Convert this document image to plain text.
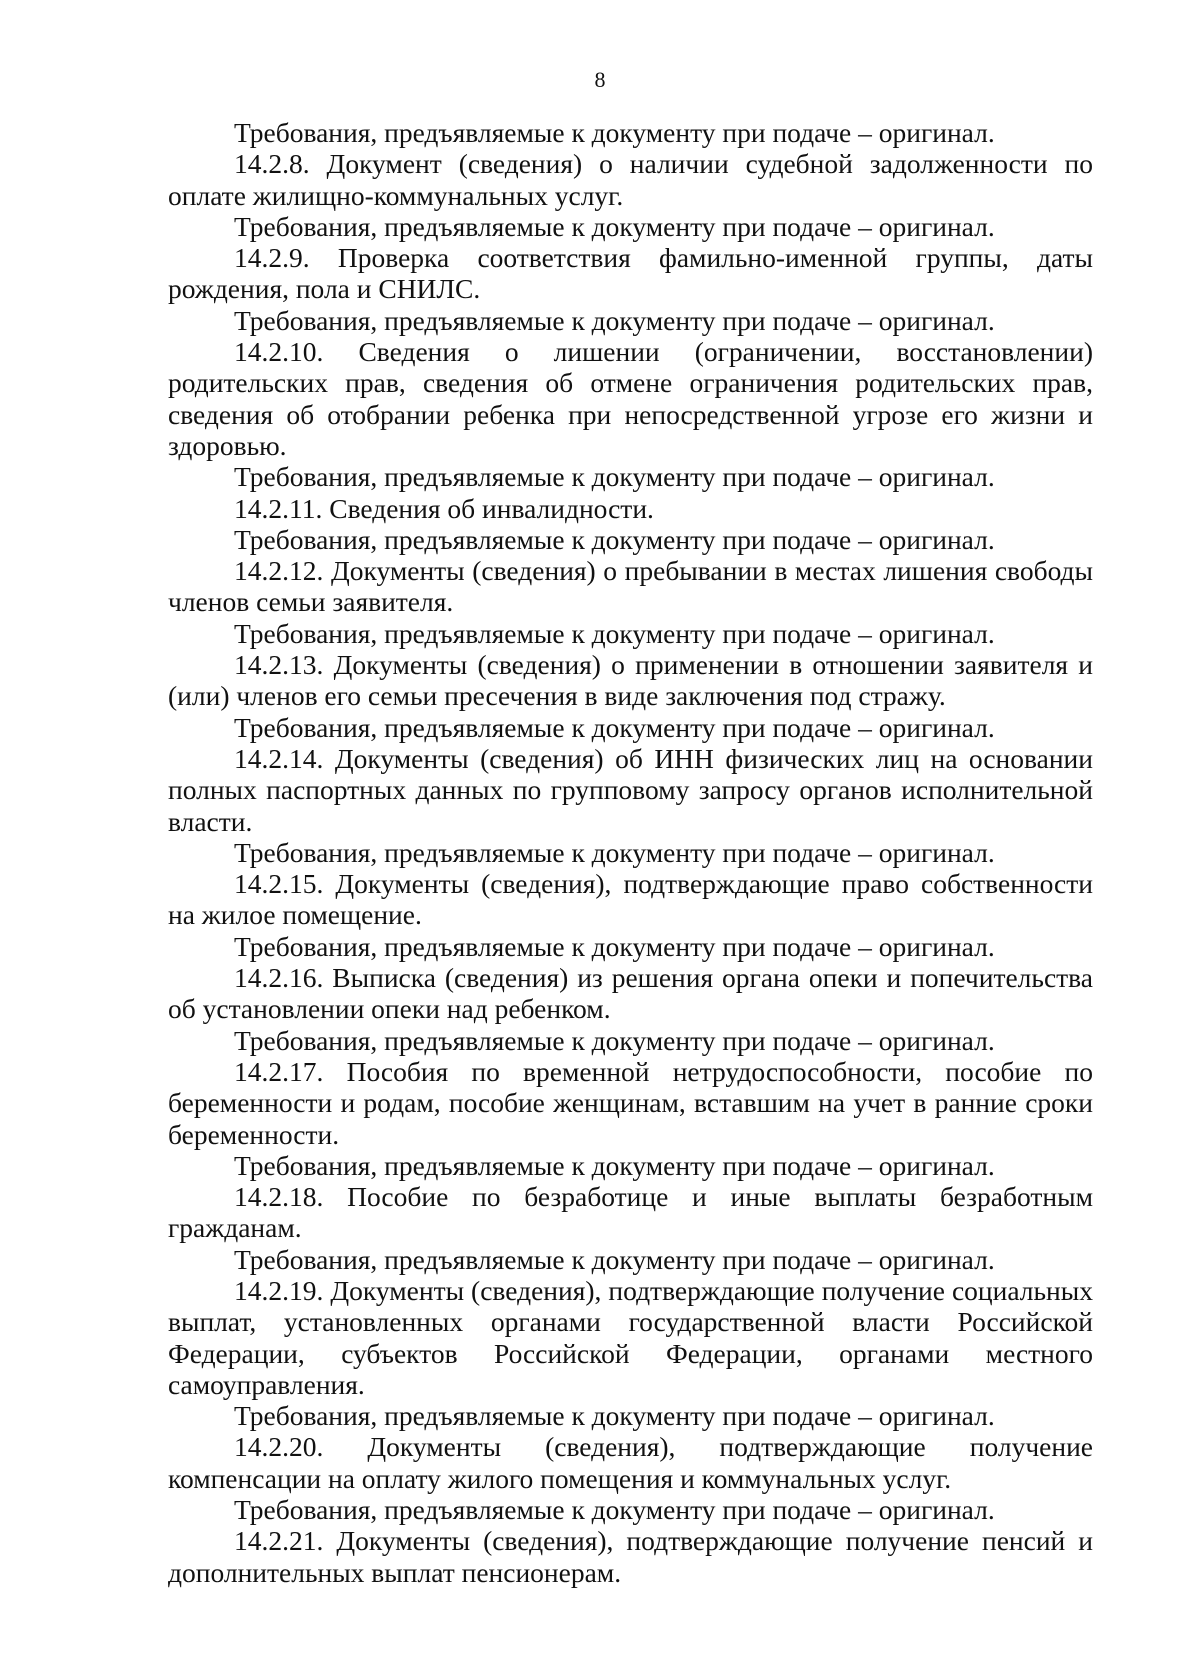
8

Требования, предъявляемые к документу при подаче – оригинал.

14.2.8. Документ (сведения) о наличии судебной задолженности по оплате жилищно-коммунальных услуг.

Требования, предъявляемые к документу при подаче – оригинал.

14.2.9. Проверка соответствия фамильно-именной группы, даты рождения, пола и СНИЛС.

Требования, предъявляемые к документу при подаче – оригинал.

14.2.10. Сведения о лишении (ограничении, восстановлении) родительских прав, сведения об отмене ограничения родительских прав, сведения об отобрании ребенка при непосредственной угрозе его жизни и здоровью.

Требования, предъявляемые к документу при подаче – оригинал.

14.2.11. Сведения об инвалидности.

Требования, предъявляемые к документу при подаче – оригинал.

14.2.12. Документы (сведения) о пребывании в местах лишения свободы членов семьи заявителя.

Требования, предъявляемые к документу при подаче – оригинал.

14.2.13. Документы (сведения) о применении в отношении заявителя и (или) членов его семьи пресечения в виде заключения под стражу.

Требования, предъявляемые к документу при подаче – оригинал.

14.2.14. Документы (сведения) об ИНН физических лиц на основании полных паспортных данных по групповому запросу органов исполнительной власти.

Требования, предъявляемые к документу при подаче – оригинал.

14.2.15. Документы (сведения), подтверждающие право собственности на жилое помещение.

Требования, предъявляемые к документу при подаче – оригинал.

14.2.16. Выписка (сведения) из решения органа опеки и попечительства об установлении опеки над ребенком.

Требования, предъявляемые к документу при подаче – оригинал.

14.2.17. Пособия по временной нетрудоспособности, пособие по беременности и родам, пособие женщинам, вставшим на учет в ранние сроки беременности.

Требования, предъявляемые к документу при подаче – оригинал.

14.2.18. Пособие по безработице и иные выплаты безработным гражданам.

Требования, предъявляемые к документу при подаче – оригинал.

14.2.19. Документы (сведения), подтверждающие получение социальных выплат, установленных органами государственной власти Российской Федерации, субъектов Российской Федерации, органами местного самоуправления.

Требования, предъявляемые к документу при подаче – оригинал.

14.2.20. Документы (сведения), подтверждающие получение компенсации на оплату жилого помещения и коммунальных услуг.

Требования, предъявляемые к документу при подаче – оригинал.

14.2.21. Документы (сведения), подтверждающие получение пенсий и дополнительных выплат пенсионерам.
